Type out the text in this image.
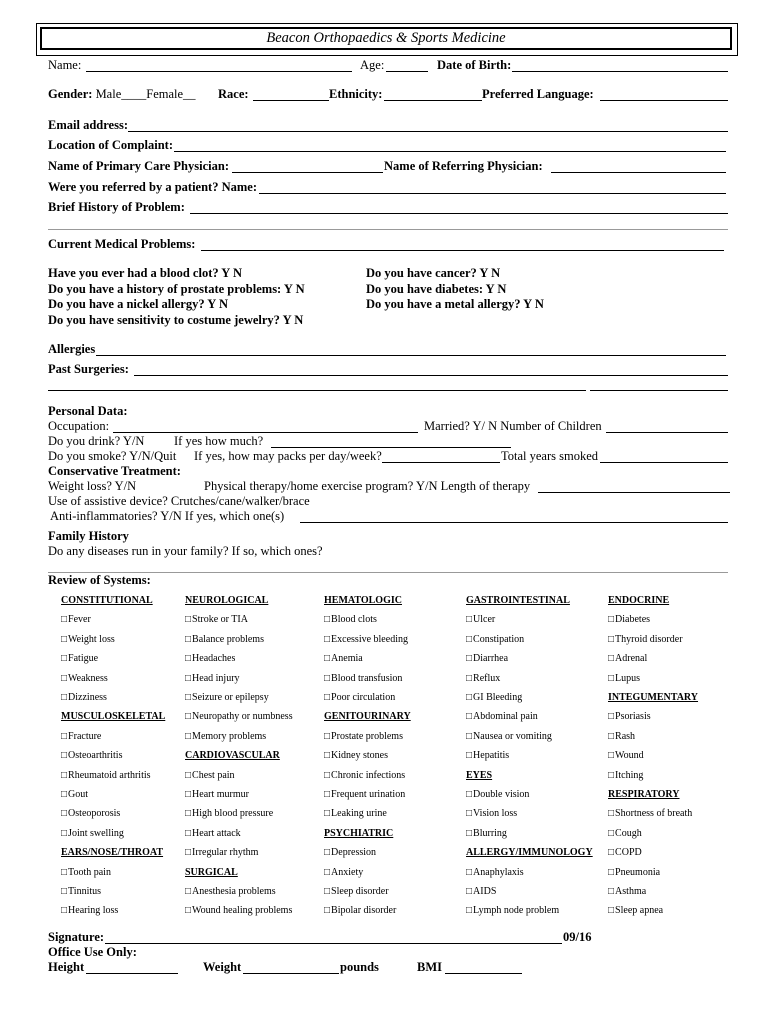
Beacon Orthopaedics & Sports Medicine
Name:	Age:	Date of Birth:
Gender: Male____Female__ Race:	Ethnicity:	Preferred Language:
Email address:
Location of Complaint:
Name of Primary Care Physician:	Name of Referring Physician:
Were you referred by a patient? Name:
Brief History of Problem:
Current Medical Problems:
Have you ever had a blood clot? Y N
Do you have a history of prostate problems: Y N
Do you have a nickel allergy? Y N
Do you have sensitivity to costume jewelry? Y N
Do you have cancer? Y N
Do you have diabetes: Y N
Do you have a metal allergy? Y N
Allergies
Past Surgeries:
Personal Data:
Occupation:	Married? Y/ N Number of Children
Do you drink? Y/N If yes how much?
Do you smoke? Y/N/Quit If yes, how may packs per day/week?	Total years smoked
Conservative Treatment:
Weight loss? Y/N	Physical therapy/home exercise program? Y/N Length of therapy
Use of assistive device? Crutches/cane/walker/brace
Anti-inflammatories? Y/N If yes, which one(s)
Family History
Do any diseases run in your family? If so, which ones?
Review of Systems:
CONSTITUTIONAL
□ Fever
□ Weight loss
□ Fatigue
□ Weakness
□ Dizziness
MUSCULOSKELETAL
□ Fracture
□ Osteoarthritis
□ Rheumatoid arthritis
□ Gout
□ Osteoporosis
□ Joint swelling
EARS/NOSE/THROAT
□ Tooth pain
□ Tinnitus
□ Hearing loss
NEUROLOGICAL
□ Stroke or TIA
□ Balance problems
□ Headaches
□ Head injury
□ Seizure or epilepsy
□ Neuropathy or numbness
□ Memory problems
CARDIOVASCULAR
□ Chest pain
□ Heart murmur
□ High blood pressure
□ Heart attack
□ Irregular rhythm
SURGICAL
□ Anesthesia problems
□ Wound healing problems
HEMATOLOGIC
□ Blood clots
□ Excessive bleeding
□ Anemia
□ Blood transfusion
□ Poor circulation
GENITOURINARY
□ Prostate problems
□ Kidney stones
□ Chronic infections
□ Frequent urination
□ Leaking urine
PSYCHIATRIC
□ Depression
□ Anxiety
□ Sleep disorder
□ Bipolar disorder
GASTROINTESTINAL
□ Ulcer
□ Constipation
□ Diarrhea
□ Reflux
□ GI Bleeding
□ Abdominal pain
□ Nausea or vomiting
□ Hepatitis
EYES
□ Double vision
□ Vision loss
□ Blurring
ALLERGY/IMMUNOLOGY
□ Anaphylaxis
□ AIDS
□ Lymph node problem
ENDOCRINE
□ Diabetes
□ Thyroid disorder
□ Adrenal
□ Lupus
INTEGUMENTARY
□ Psoriasis
□ Rash
□ Wound
□ Itching
RESPIRATORY
□ Shortness of breath
□ Cough
□ COPD
□ Pneumonia
□ Asthma
□ Sleep apnea
Signature:	09/16
Office Use Only:
Height	Weight	pounds	BMI
